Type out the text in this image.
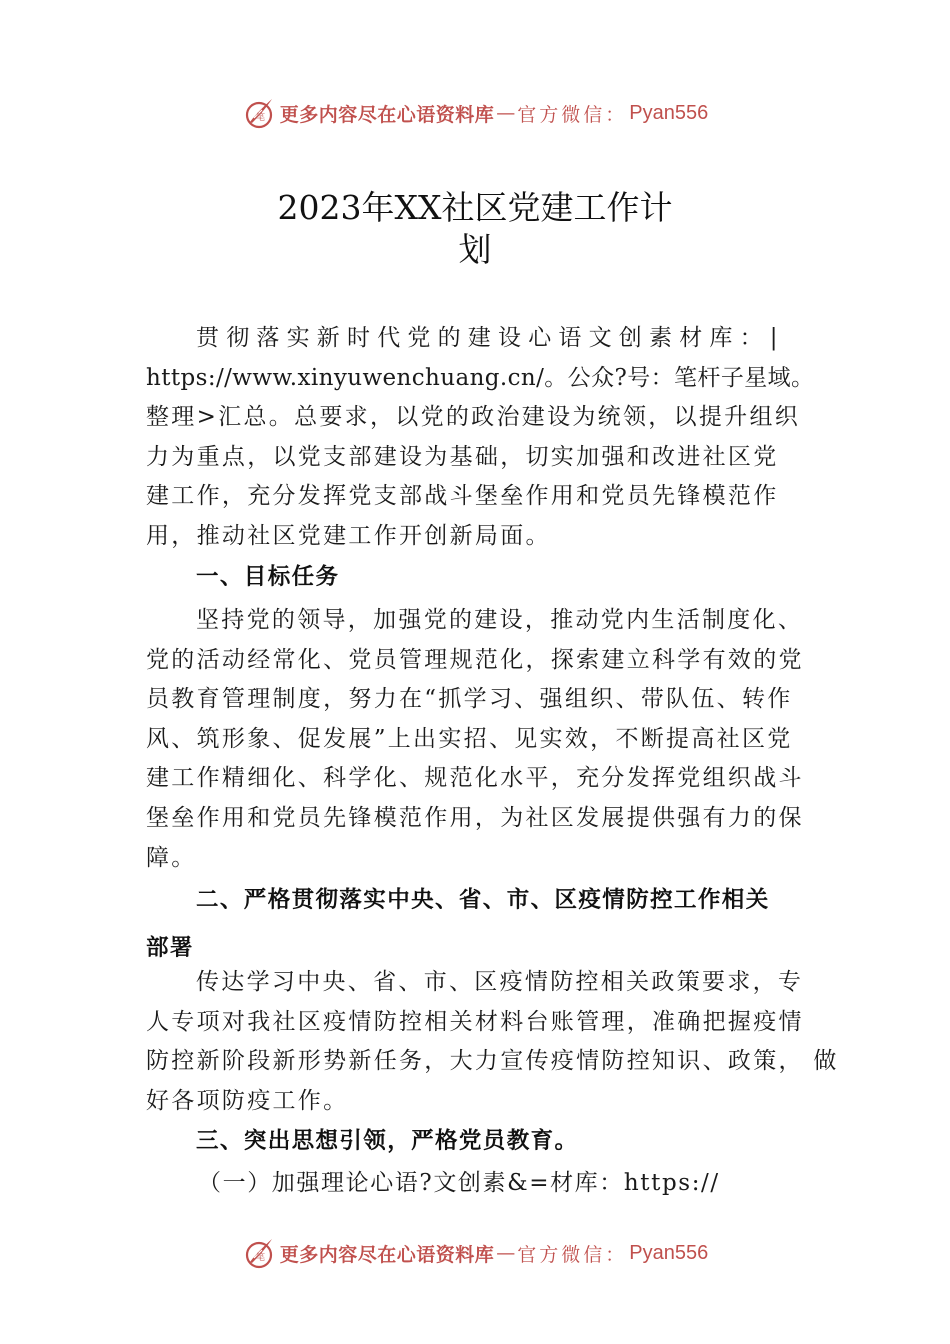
笔 更多内容尽在心语资料库 — 官方微信： Pyan556
2023年XX社区党建工作计
划
贯彻落实新时代党的建设心语文创素材库：|
https://www.xinyuwenchuang.cn/。公众?号：笔杆子星域。
整理>汇总。总要求，以党的政治建设为统领，以提升组织
力为重点，以党支部建设为基础，切实加强和改进社区党
建工作，充分发挥党支部战斗堡垒作用和党员先锋模范作
用，推动社区党建工作开创新局面。
一、目标任务
坚持党的领导，加强党的建设，推动党内生活制度化、
党的活动经常化、党员管理规范化，探索建立科学有效的党
员教育管理制度，努力在“抓学习、强组织、带队伍、转作
风、筑形象、促发展”上出实招、见实效，不断提高社区党
建工作精细化、科学化、规范化水平，充分发挥党组织战斗
堡垒作用和党员先锋模范作用，为社区发展提供强有力的保
障。
二、严格贯彻落实中央、省、市、区疫情防控工作相关
部署
传达学习中央、省、市、区疫情防控相关政策要求，专
人专项对我社区疫情防控相关材料台账管理，准确把握疫情
防控新阶段新形势新任务，大力宣传疫情防控知识、政策， 做
好各项防疫工作。
三、突出思想引领，严格党员教育。
（一）加强理论心语?文创素&=材库：https://
笔 更多内容尽在心语资料库 — 官方微信： Pyan556
